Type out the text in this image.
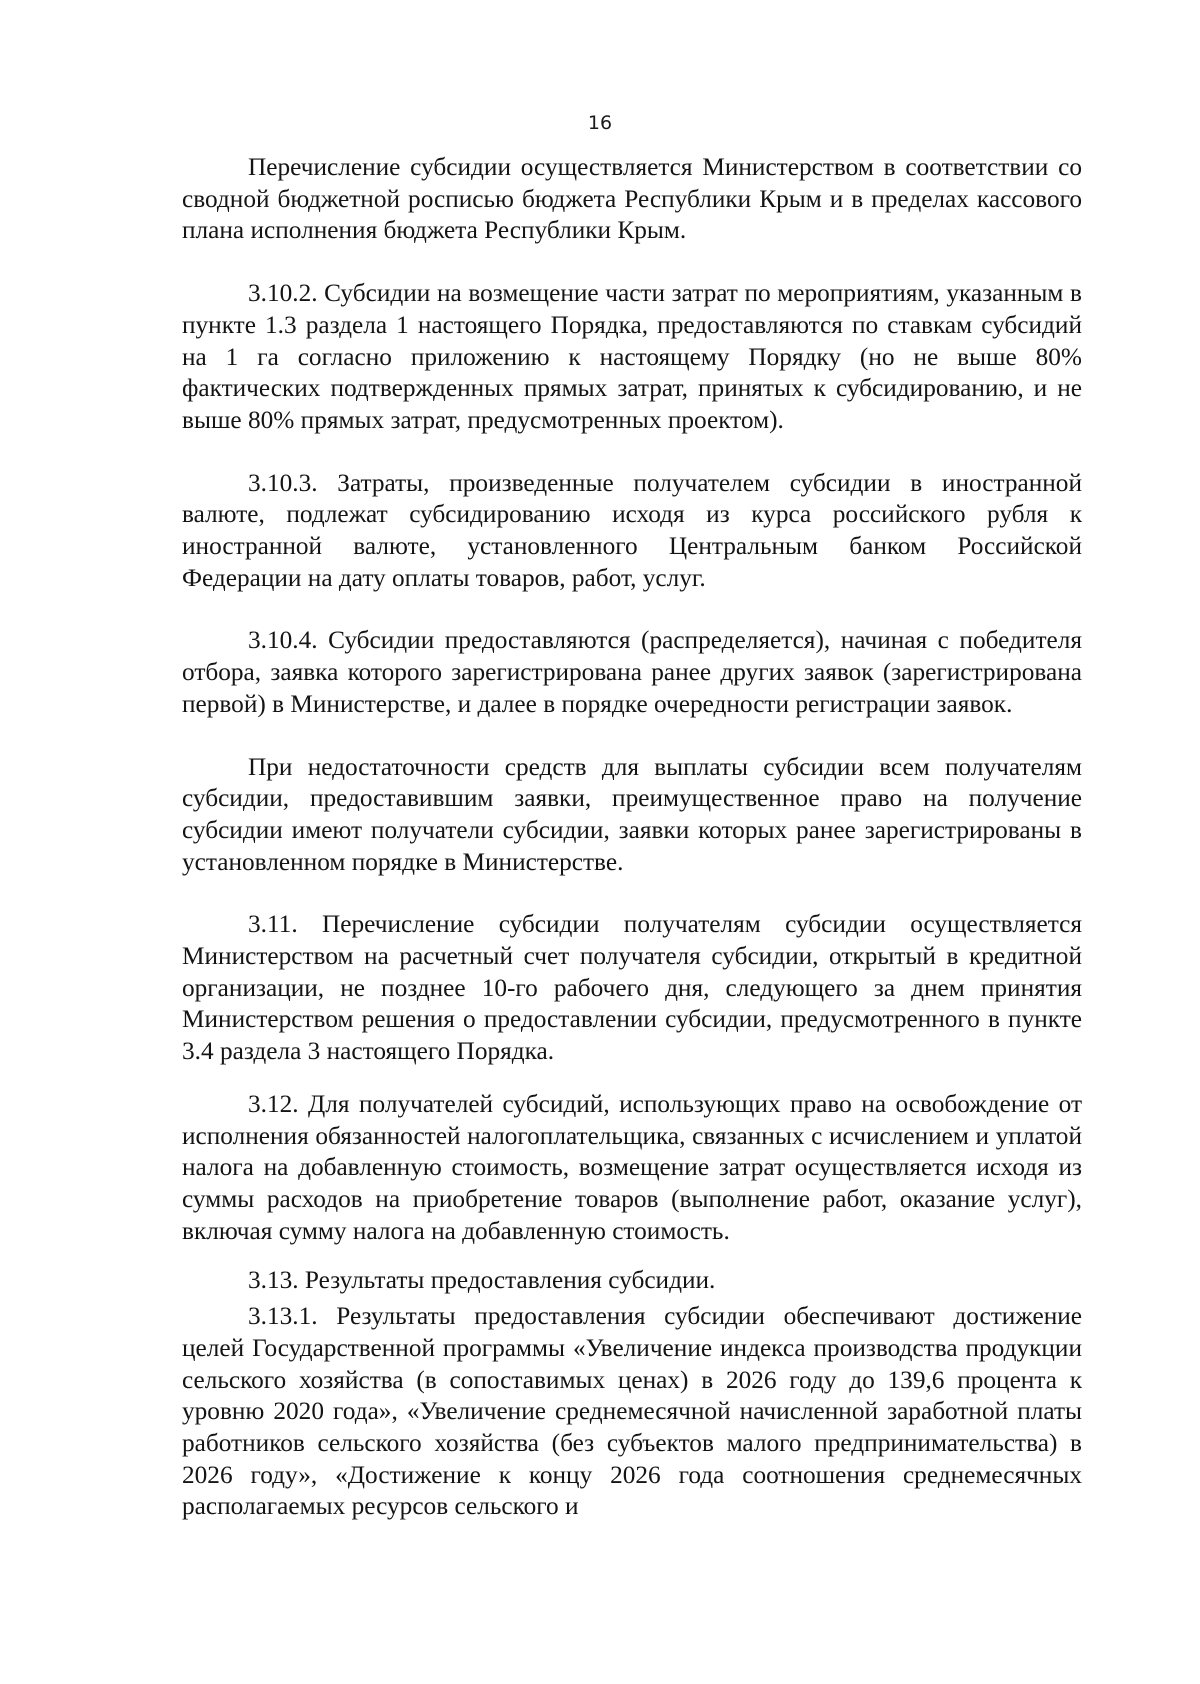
16

Перечисление субсидии осуществляется Министерством в соответствии со сводной бюджетной росписью бюджета Республики Крым и в пределах кассового плана исполнения бюджета Республики Крым.

3.10.2. Субсидии на возмещение части затрат по мероприятиям, указанным в пункте 1.3 раздела 1 настоящего Порядка, предоставляются по ставкам субсидий на 1 га согласно приложению к настоящему Порядку (но не выше 80% фактических подтвержденных прямых затрат, принятых к субсидированию, и не выше 80% прямых затрат, предусмотренных проектом).

3.10.3. Затраты, произведенные получателем субсидии в иностранной валюте, подлежат субсидированию исходя из курса российского рубля к иностранной валюте, установленного Центральным банком Российской Федерации на дату оплаты товаров, работ, услуг.

3.10.4. Субсидии предоставляются (распределяется), начиная с победителя отбора, заявка которого зарегистрирована ранее других заявок (зарегистрирована первой) в Министерстве, и далее в порядке очередности регистрации заявок.

При недостаточности средств для выплаты субсидии всем получателям субсидии, предоставившим заявки, преимущественное право на получение субсидии имеют получатели субсидии, заявки которых ранее зарегистрированы в установленном порядке в Министерстве.

3.11. Перечисление субсидии получателям субсидии осуществляется Министерством на расчетный счет получателя субсидии, открытый в кредитной организации, не позднее 10-го рабочего дня, следующего за днем принятия Министерством решения о предоставлении субсидии, предусмотренного в пункте 3.4 раздела 3 настоящего Порядка.

3.12. Для получателей субсидий, использующих право на освобождение от исполнения обязанностей налогоплательщика, связанных с исчислением и уплатой налога на добавленную стоимость, возмещение затрат осуществляется исходя из суммы расходов на приобретение товаров (выполнение работ, оказание услуг), включая сумму налога на добавленную стоимость.

3.13. Результаты предоставления субсидии.

3.13.1. Результаты предоставления субсидии обеспечивают достижение целей Государственной программы «Увеличение индекса производства продукции сельского хозяйства (в сопоставимых ценах) в 2026 году до 139,6 процента к уровню 2020 года», «Увеличение среднемесячной начисленной заработной платы работников сельского хозяйства (без субъектов малого предпринимательства) в 2026 году», «Достижение к концу 2026 года соотношения среднемесячных располагаемых ресурсов сельского и
